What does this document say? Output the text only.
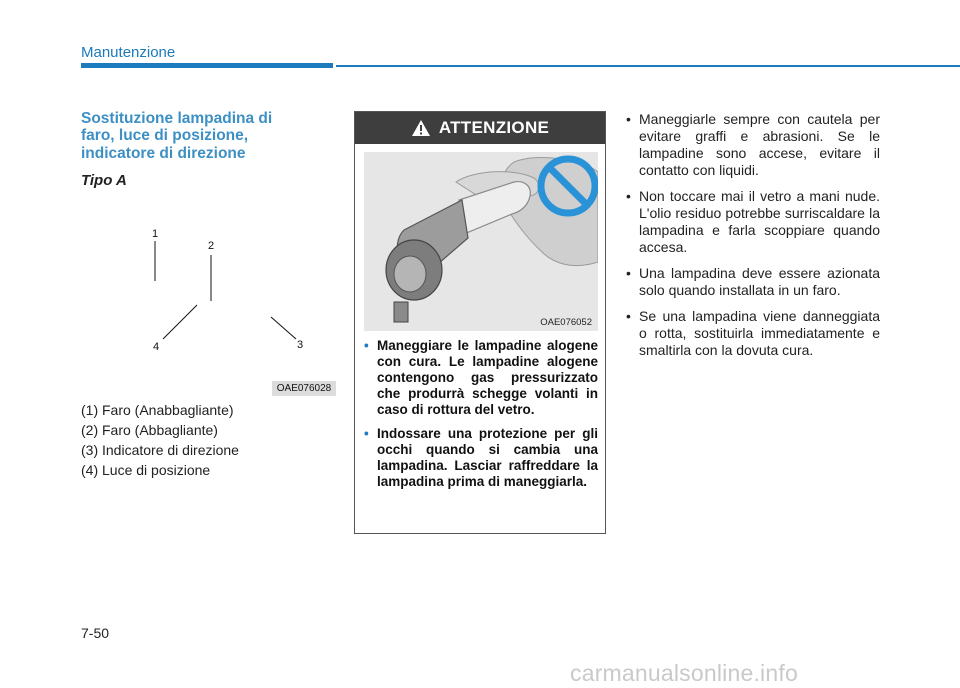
Manutenzione
Sostituzione lampadina di
faro, luce di posizione,
indicatore di direzione
Tipo A
1
2
3
4
OAE076028
(1) Faro (Anabbagliante)
(2) Faro (Abbagliante)
(3) Indicatore di direzione
(4) Luce di posizione
ATTENZIONE
OAE076052
• Maneggiare le lampadine alogene con cura. Le lampadine alogene contengono gas pressurizzato che produrrà schegge volanti in caso di rottura del vetro.
• Indossare una protezione per gli occhi quando si cambia una lampadina. Lasciar raffreddare la lampadina prima di maneggiarla.
• Maneggiarle sempre con cautela per evitare graffi e abrasioni. Se le lampadine sono accese, evitare il contatto con liquidi.
• Non toccare mai il vetro a mani nude. L'olio residuo potrebbe surriscaldare la lampadina e farla scoppiare quando accesa.
• Una lampadina deve essere azionata solo quando installata in un faro.
• Se una lampadina viene danneggiata o rotta, sostituirla immediatamente e smaltirla con la dovuta cura.
7-50
carmanualsonline.info
